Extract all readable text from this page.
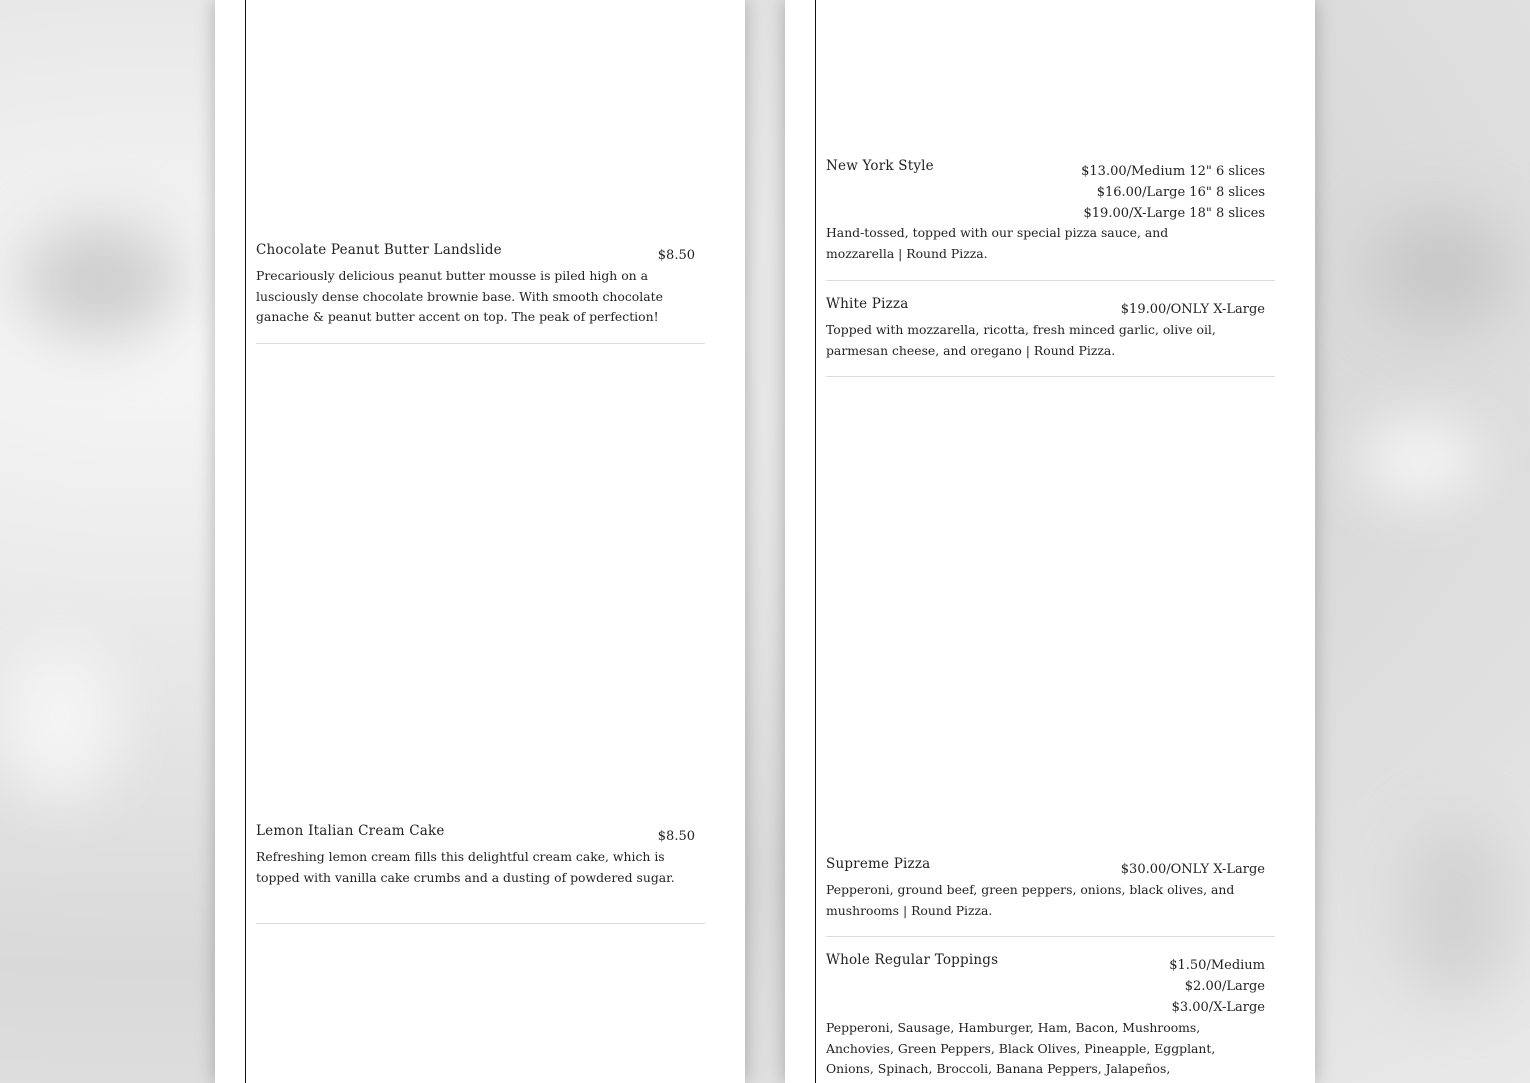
Chocolate Peanut Butter Landslide	$8.50
Precariously delicious peanut butter mousse is piled high on a lusciously dense chocolate brownie base. With smooth chocolate ganache & peanut butter accent on top. The peak of perfection!
Lemon Italian Cream Cake	$8.50
Refreshing lemon cream fills this delightful cream cake, which is topped with vanilla cake crumbs and a dusting of powdered sugar.
New York Style	$13.00/Medium 12" 6 slices
$16.00/Large 16" 8 slices
$19.00/X-Large 18" 8 slices
Hand-tossed, topped with our special pizza sauce, and mozzarella | Round Pizza.
White Pizza	$19.00/ONLY X-Large
Topped with mozzarella, ricotta, fresh minced garlic, olive oil, parmesan cheese, and oregano | Round Pizza.
Supreme Pizza	$30.00/ONLY X-Large
Pepperoni, ground beef, green peppers, onions, black olives, and mushrooms | Round Pizza.
Whole Regular Toppings	$1.50/Medium
$2.00/Large
$3.00/X-Large
Pepperoni, Sausage, Hamburger, Ham, Bacon, Mushrooms, Anchovies, Green Peppers, Black Olives, Pineapple, Eggplant, Onions, Spinach, Broccoli, Banana Peppers, Jalapeños,
